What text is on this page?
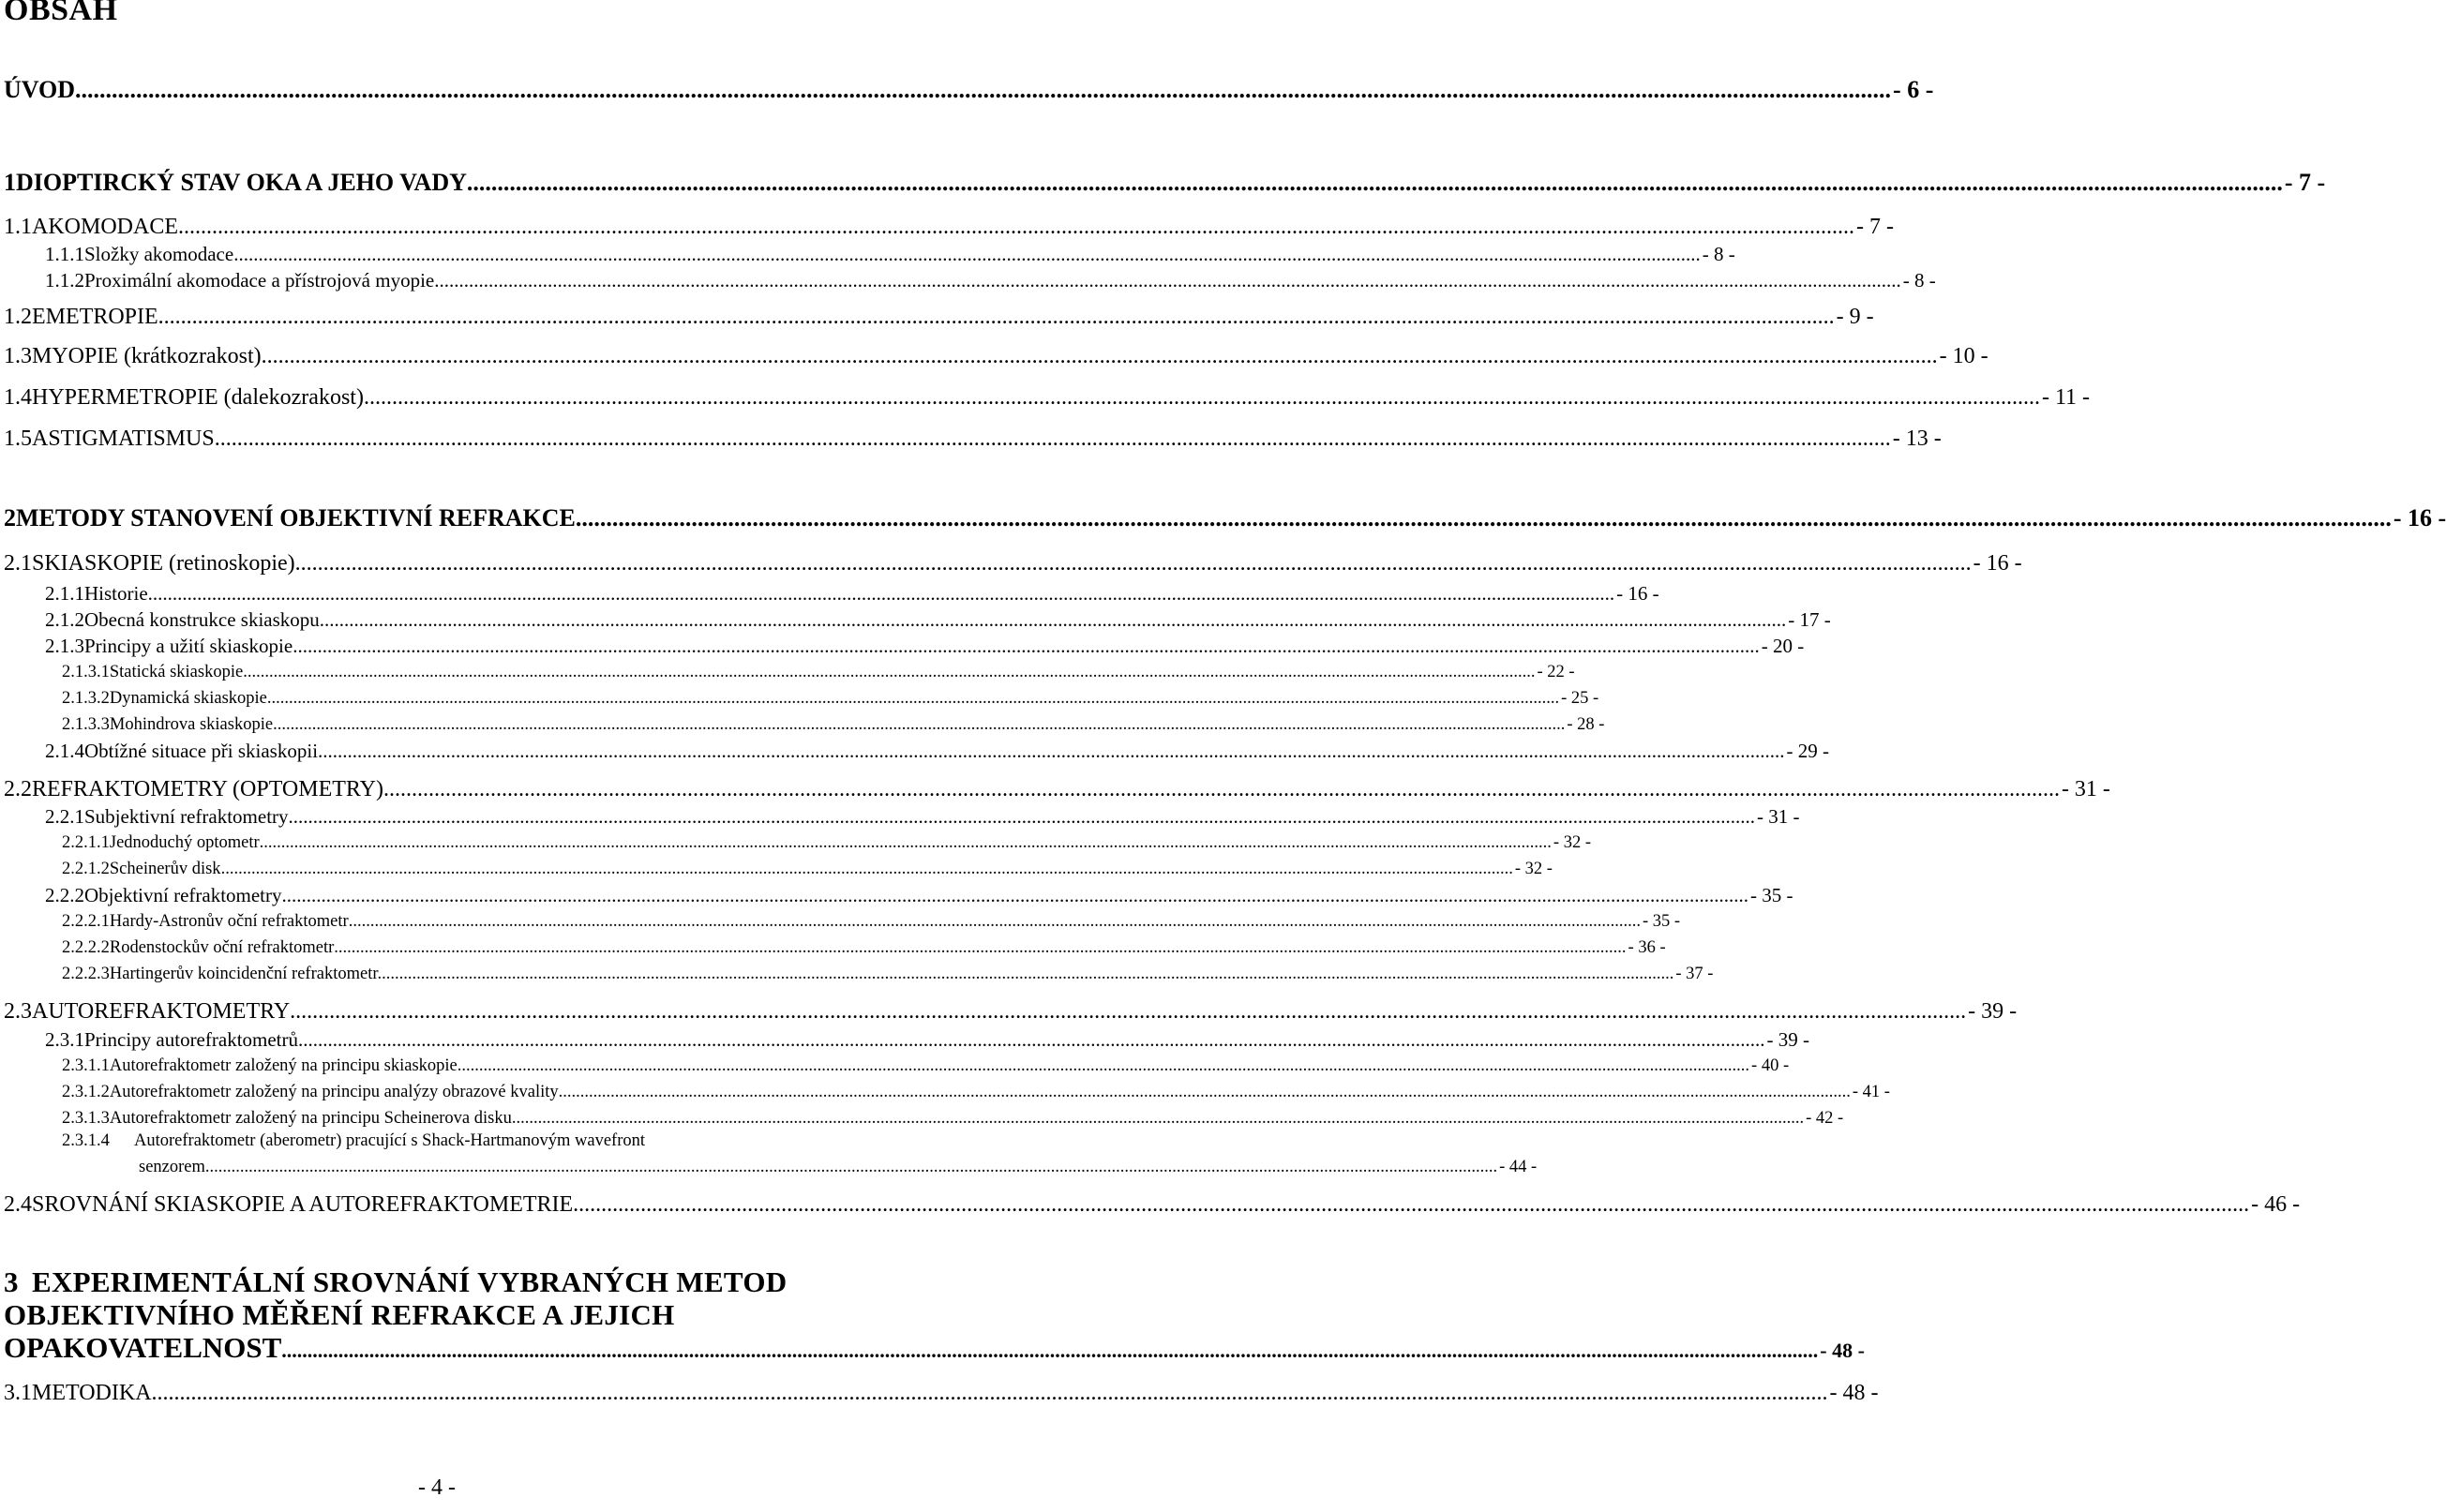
OBSAH
ÚVOD .....	- 6 -
1 DIOPTIRCKÝ STAV OKA A JEHO VADY .....	- 7 -
1.1 AKOMODACE .....	- 7 -
1.1.1 Složky akomodace .....	- 8 -
1.1.2 Proximální akomodace a přístrojová myopie .....	- 8 -
1.2 EMETROPIE .....	- 9 -
1.3 MYOPIE (krátkozrakost) .....	- 10 -
1.4 HYPERMETROPIE (dalekozrakost) .....	- 11 -
1.5 ASTIGMATISMUS .....	- 13 -
2 METODY STANOVENÍ OBJEKTIVNÍ REFRAKCE .....	- 16 -
2.1 SKIASKOPIE (retinoskopie) .....	- 16 -
2.1.1 Historie .....	- 16 -
2.1.2 Obecná konstrukce skiaskopu .....	- 17 -
2.1.3 Principy a užití skiaskopie .....	- 20 -
2.1.3.1 Statická skiaskopie .....	- 22 -
2.1.3.2 Dynamická skiaskopie .....	- 25 -
2.1.3.3 Mohindrova skiaskopie .....	- 28 -
2.1.4 Obtížné situace při skiaskopii .....	- 29 -
2.2 REFRAKTOMETRY (OPTOMETRY) .....	- 31 -
2.2.1 Subjektivní refraktometry .....	- 31 -
2.2.1.1 Jednoduchý optometr .....	- 32 -
2.2.1.2 Scheinerův disk .....	- 32 -
2.2.2 Objektivní refraktometry .....	- 35 -
2.2.2.1 Hardy-Astronův oční refraktometr .....	- 35 -
2.2.2.2 Rodenstockův oční refraktometr .....	- 36 -
2.2.2.3 Hartingerův koincidenční refraktometr. .....	- 37 -
2.3 AUTOREFRAKTOMETRY .....	- 39 -
2.3.1 Principy autorefraktometrů .....	- 39 -
2.3.1.1 Autorefraktometr založený na principu skiaskopie .....	- 40 -
2.3.1.2 Autorefraktometr založený na principu analýzy obrazové kvality .....	- 41 -
2.3.1.3 Autorefraktometr založený na principu Scheinerova disku .....	- 42 -
2.3.1.4 Autorefraktometr (aberometr) pracující s Shack-Hartmanovým wavefront
senzorem .....	- 44 -
2.4 SROVNÁNÍ SKIASKOPIE A AUTOREFRAKTOMETRIE .....	- 46 -
3 EXPERIMENTÁLNÍ SROVNÁNÍ VYBRANÝCH METOD
OBJEKTIVNÍHO MĚŘENÍ REFRAKCE A JEJICH
OPAKOVATELNOST .....	- 48 -
3.1 METODIKA .....	- 48 -
- 4 -
